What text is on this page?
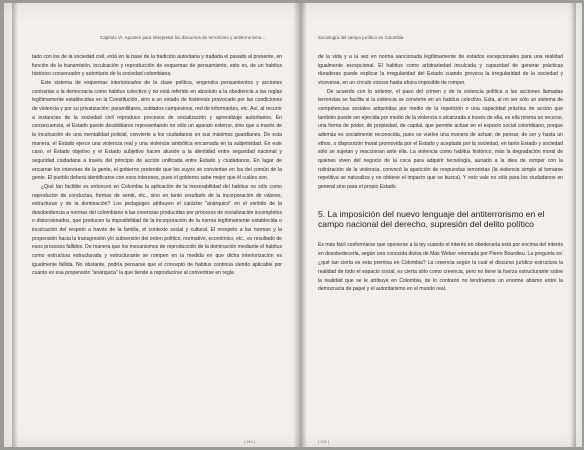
Capítulo VI. Apuntes para interpretar los discursos de terrorismo y antiterrorismo...

tado con los de la sociedad civil, está en la base de la tradición autoritaria y tradada el pasado al presente, en función de la transmisión, inculcación y reproducción de esquemas de pensamiento, esto es, de un habitus histórico conservador y autoritario de la sociedad colombiana.

Este sistema de esquemas interiorizados de la clase política, engendra pensamientos y acciones contrarias a la democracia como habitus colectivo y no está referido en absoluto a la obediencia a las reglas legítimamente establecidas en la Constitución, sino a un estado de histéresis provocado por las condiciones de violencia y por su privatización: paramilitares, soldados campesinos, red de informantes, etc. Así, al recurrir a instancias de la sociedad civil reproduce procesos de socialización y aprendizaje autoritarios. En consecuencia, el Estado puede desdoblarse representando no sólo un aparato externo, sino que a través de la inculcación de una mentalidad policial, convierte a los ciudadanos en sus máximos guardianes. De esta manera, el Estado ejerce una violencia real y una violencia simbólica encarnada en la subjetividad. En este caso, el Estado objetivo y el Estado subjetivo hacen alusión a la identidad entre seguridad nacional y seguridad ciudadana a través del principio de acción unificada entre Estado y ciudadanos. En lugar de encarnar los intereses de la gente, el gobierno pretende que los suyos se conviertan en los del común de la gente. El pueblo deberá identificarse con esos intereses, pues el gobierno sabe mejor que él cuáles son.

¿Qué tan factible es entonces en Colombia la aplicación de la inexorabilidad del habitus no sólo como reproductor de conductas, formas de sentir, etc., sino en tanto resultado de la incorporación de valores, estructuras y de la dominación? Los pedagogos atribuyen el carácter "anárquico" en el sentido de la desobediencia a normas del colombiano a las creencias producidas por procesos de socialización incompletos o distorsionados, que producen la imposibilidad de la incorporación de la norma legítimamente establecida o inculcación del respeto a través de la familia, el contexto social y cultural. El irrespeto a las normas y la propensión hacia la transgresión y/o subversión del orden político, normativo, económico, etc., es resultado de esos procesos fallidos. De manera que los mecanismos de reproducción de la dominación mediante el habitus como estructura estructurada y estructurante se rompen en la medida en que dicha interiorización es igualmente fallida. No obstante, podría pensarse que el concepto de habitus continúa siendo aplicable por cuanto es esa propensión "anárquica" la que tiende a reproducirse al convertirse en regla

[ 264 ]
Sociología del campo jurídico en Colombia

de la vida y a la vez en norma sancionada legítimamente de estados excepcionales para una realidad igualmente excepcional. El habitus como arbitrariedad inculcada y capacidad de generar prácticas duraderas puede explicar la irregularidad del Estado cuando provoca la irregularidad de la sociedad y viceversa, en un círculo vicioso hasta ahora imposible de romper.

De acuerdo con lo anterior, el paso del crimen y de la violencia política a las acciones llamadas terroristas se facilita si la violencia se convierte en un habitus colectivo. Esta, al no ser sólo un sistema de competencias sociales adquiridas por medio de la repetición o una capacidad práctica de acción que también puede ser ejercida por medio de la violencia o alcanzada a través de ella, es ella misma un recurso, una forma de poder, de propiedad, de capital, que permite actuar en el espacio social colombiano, porque además es socialmente reconocida, pues se vuelve una manera de actuar, de pensar, de ser y hasta un ethos, o disposición moral promovida por el Estado y aceptada por la sociedad, en tanto Estado y sociedad sólo se sujetan y reaccionan ante ella. La violencia como habitus histórico, más la degradación moral de quienes viven del negocio de la coca para adquirir tecnología, aunado a la idea de romper con la rutinización de la violencia, convocó la aparición de respuestas terroristas (la violencia simple al tornarse repetitiva se naturaliza y no obtiene el impacto que se busca). Y esto vale no sólo para los ciudadanos en general sino para el propio Estado.

5. La imposición del nuevo lenguaje del antiterrorismo en el campo nacional del derecho, supresión del delito político

Es más fácil conformarse que oponerse a la ley cuando el interés en obedecerla está por encima del interés en desobedecerla, según una conocida divisa de Max Weber retomada por Pierre Bourdieu. La pregunta es: ¿qué tan cierta es esta premisa en Colombia? La creencia según la cual el discurso jurídico estructura la realidad de todo el espacio social, es cierta sólo como creencia, pero no tiene la fuerza estructurante sobre la realidad que se le atribuye en Colombia, de lo contrario no tendríamos un enorme abismo entre la democracia de papel y el autoritarismo en el mundo real.

[ 265 ]
